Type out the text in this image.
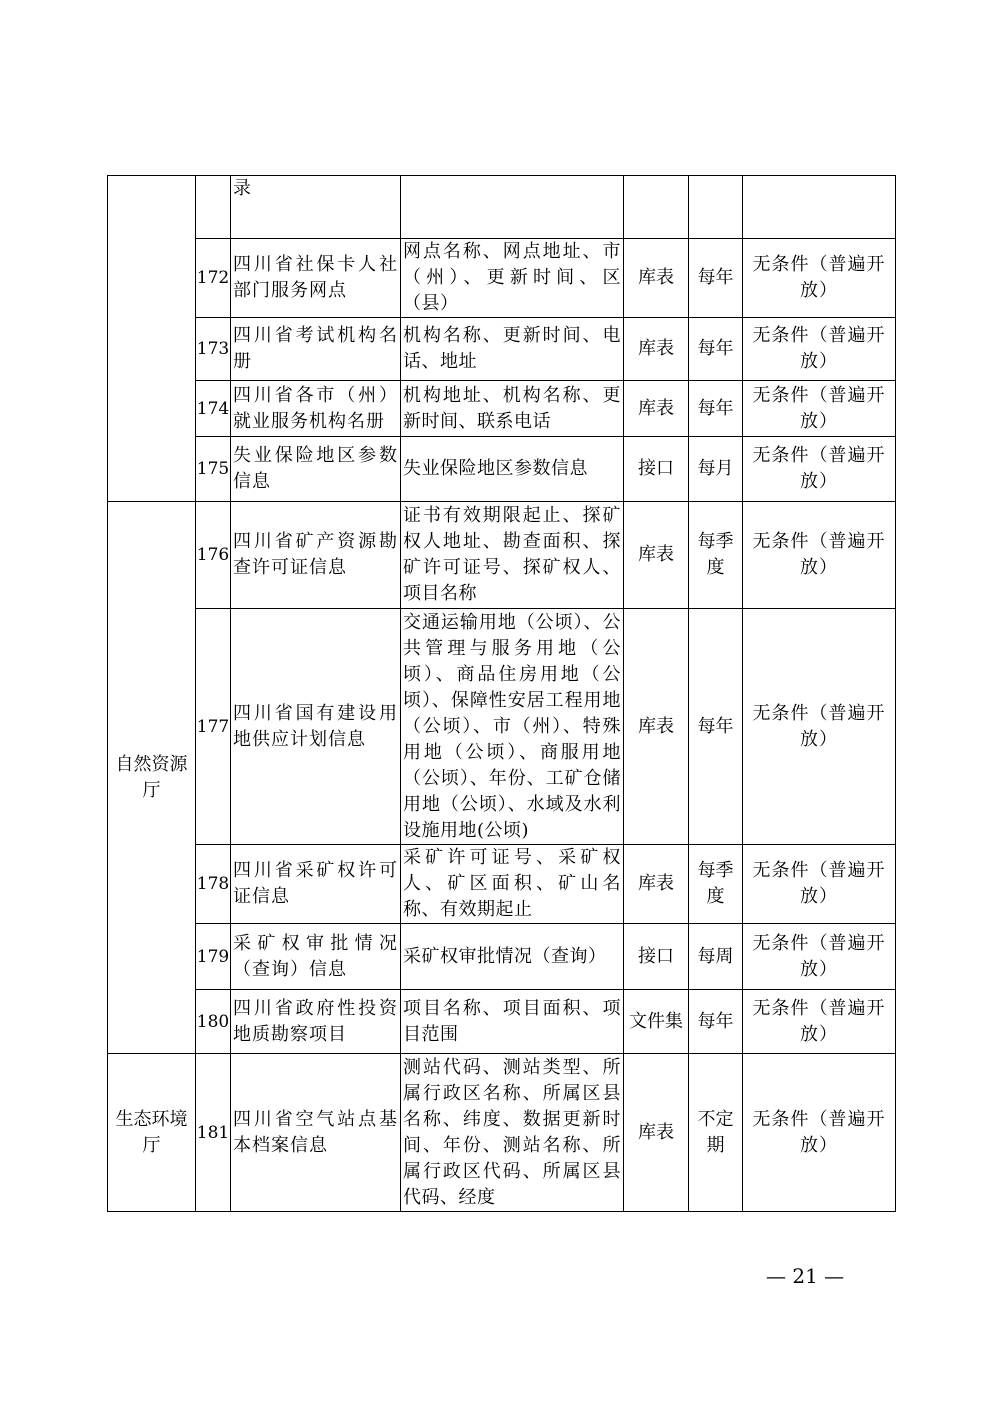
		录				
	172	四川省社保卡人社部门服务网点	网点名称、网点地址、市（州）、更新时间、区（县）	库表	每年	无条件（普遍开放）
	173	四川省考试机构名册	机构名称、更新时间、电话、地址	库表	每年	无条件（普遍开放）
	174	四川省各市（州）就业服务机构名册	机构地址、机构名称、更新时间、联系电话	库表	每年	无条件（普遍开放）
	175	失业保险地区参数信息	失业保险地区参数信息	接口	每月	无条件（普遍开放）
自然资源厅	176	四川省矿产资源勘查许可证信息	证书有效期限起止、探矿权人地址、勘查面积、探矿许可证号、探矿权人、项目名称	库表	每季度	无条件（普遍开放）
	177	四川省国有建设用地供应计划信息	交通运输用地（公顷）、公共管理与服务用地（公顷）、商品住房用地（公顷）、保障性安居工程用地（公顷）、市（州）、特殊用地（公顷）、商服用地（公顷）、年份、工矿仓储用地（公顷）、水域及水利设施用地(公顷)	库表	每年	无条件（普遍开放）
	178	四川省采矿权许可证信息	采矿许可证号、采矿权人、矿区面积、矿山名称、有效期起止	库表	每季度	无条件（普遍开放）
	179	采矿权审批情况（查询）信息	采矿权审批情况（查询）	接口	每周	无条件（普遍开放）
	180	四川省政府性投资地质勘察项目	项目名称、项目面积、项目范围	文件集	每年	无条件（普遍开放）
生态环境厅	181	四川省空气站点基本档案信息	测站代码、测站类型、所属行政区名称、所属区县名称、纬度、数据更新时间、年份、测站名称、所属行政区代码、所属区县代码、经度	库表	不定期	无条件（普遍开放）
— 21 —
